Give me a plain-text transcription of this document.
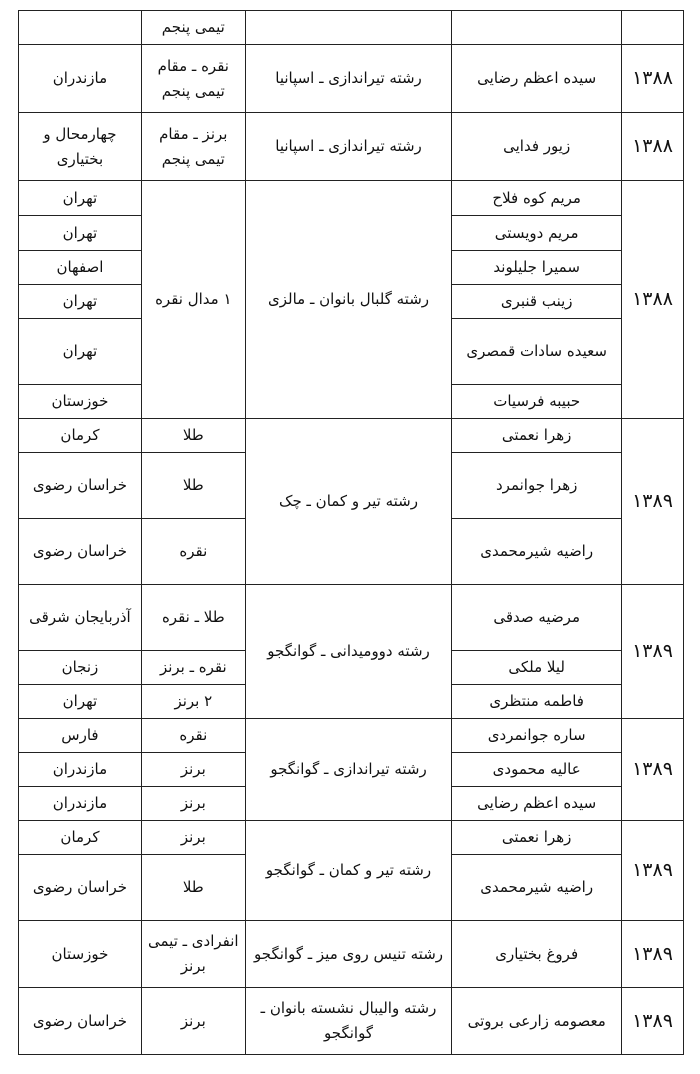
			تیمی پنجم	
۱۳۸۸	سیده اعظم رضایی	رشته تیراندازی ـ اسپانیا	نقره ـ مقام تیمی پنجم	مازندران
۱۳۸۸	زیور فدایی	رشته تیراندازی ـ اسپانیا	برنز ـ مقام تیمی پنجم	چهارمحال و بختیاری
۱۳۸۸	مریم کوه فلاح	رشته گلبال بانوان ـ مالزی	۱ مدال نقره	تهران
	مریم دویستی			تهران
	سمیرا جلیلوند			اصفهان
	زینب قنبری			تهران
	سعیده سادات قمصری			تهران
	حبیبه فرسیات			خوزستان
۱۳۸۹	زهرا نعمتی	رشته تیر و کمان ـ چک	طلا	کرمان
	زهرا جوانمرد		طلا	خراسان رضوی
	راضیه شیرمحمدی		نقره	خراسان رضوی
۱۳۸۹	مرضیه صدقی	رشته دوومیدانی ـ گوانگجو	طلا ـ نقره	آذربایجان شرقی
	لیلا ملکی		نقره ـ برنز	زنجان
	فاطمه منتظری		۲ برنز	تهران
۱۳۸۹	ساره جوانمردی	رشته تیراندازی ـ گوانگجو	نقره	فارس
	عالیه محمودی		برنز	مازندران
	سیده اعظم رضایی		برنز	مازندران
۱۳۸۹	زهرا نعمتی	رشته تیر و کمان ـ گوانگجو	برنز	کرمان
	راضیه شیرمحمدی		طلا	خراسان رضوی
۱۳۸۹	فروغ بختیاری	رشته تنیس روی میز ـ گوانگجو	انفرادی ـ تیمی برنز	خوزستان
۱۳۸۹	معصومه زارعی بروتی	رشته والیبال نشسته بانوان ـ گوانگجو	برنز	خراسان رضوی
